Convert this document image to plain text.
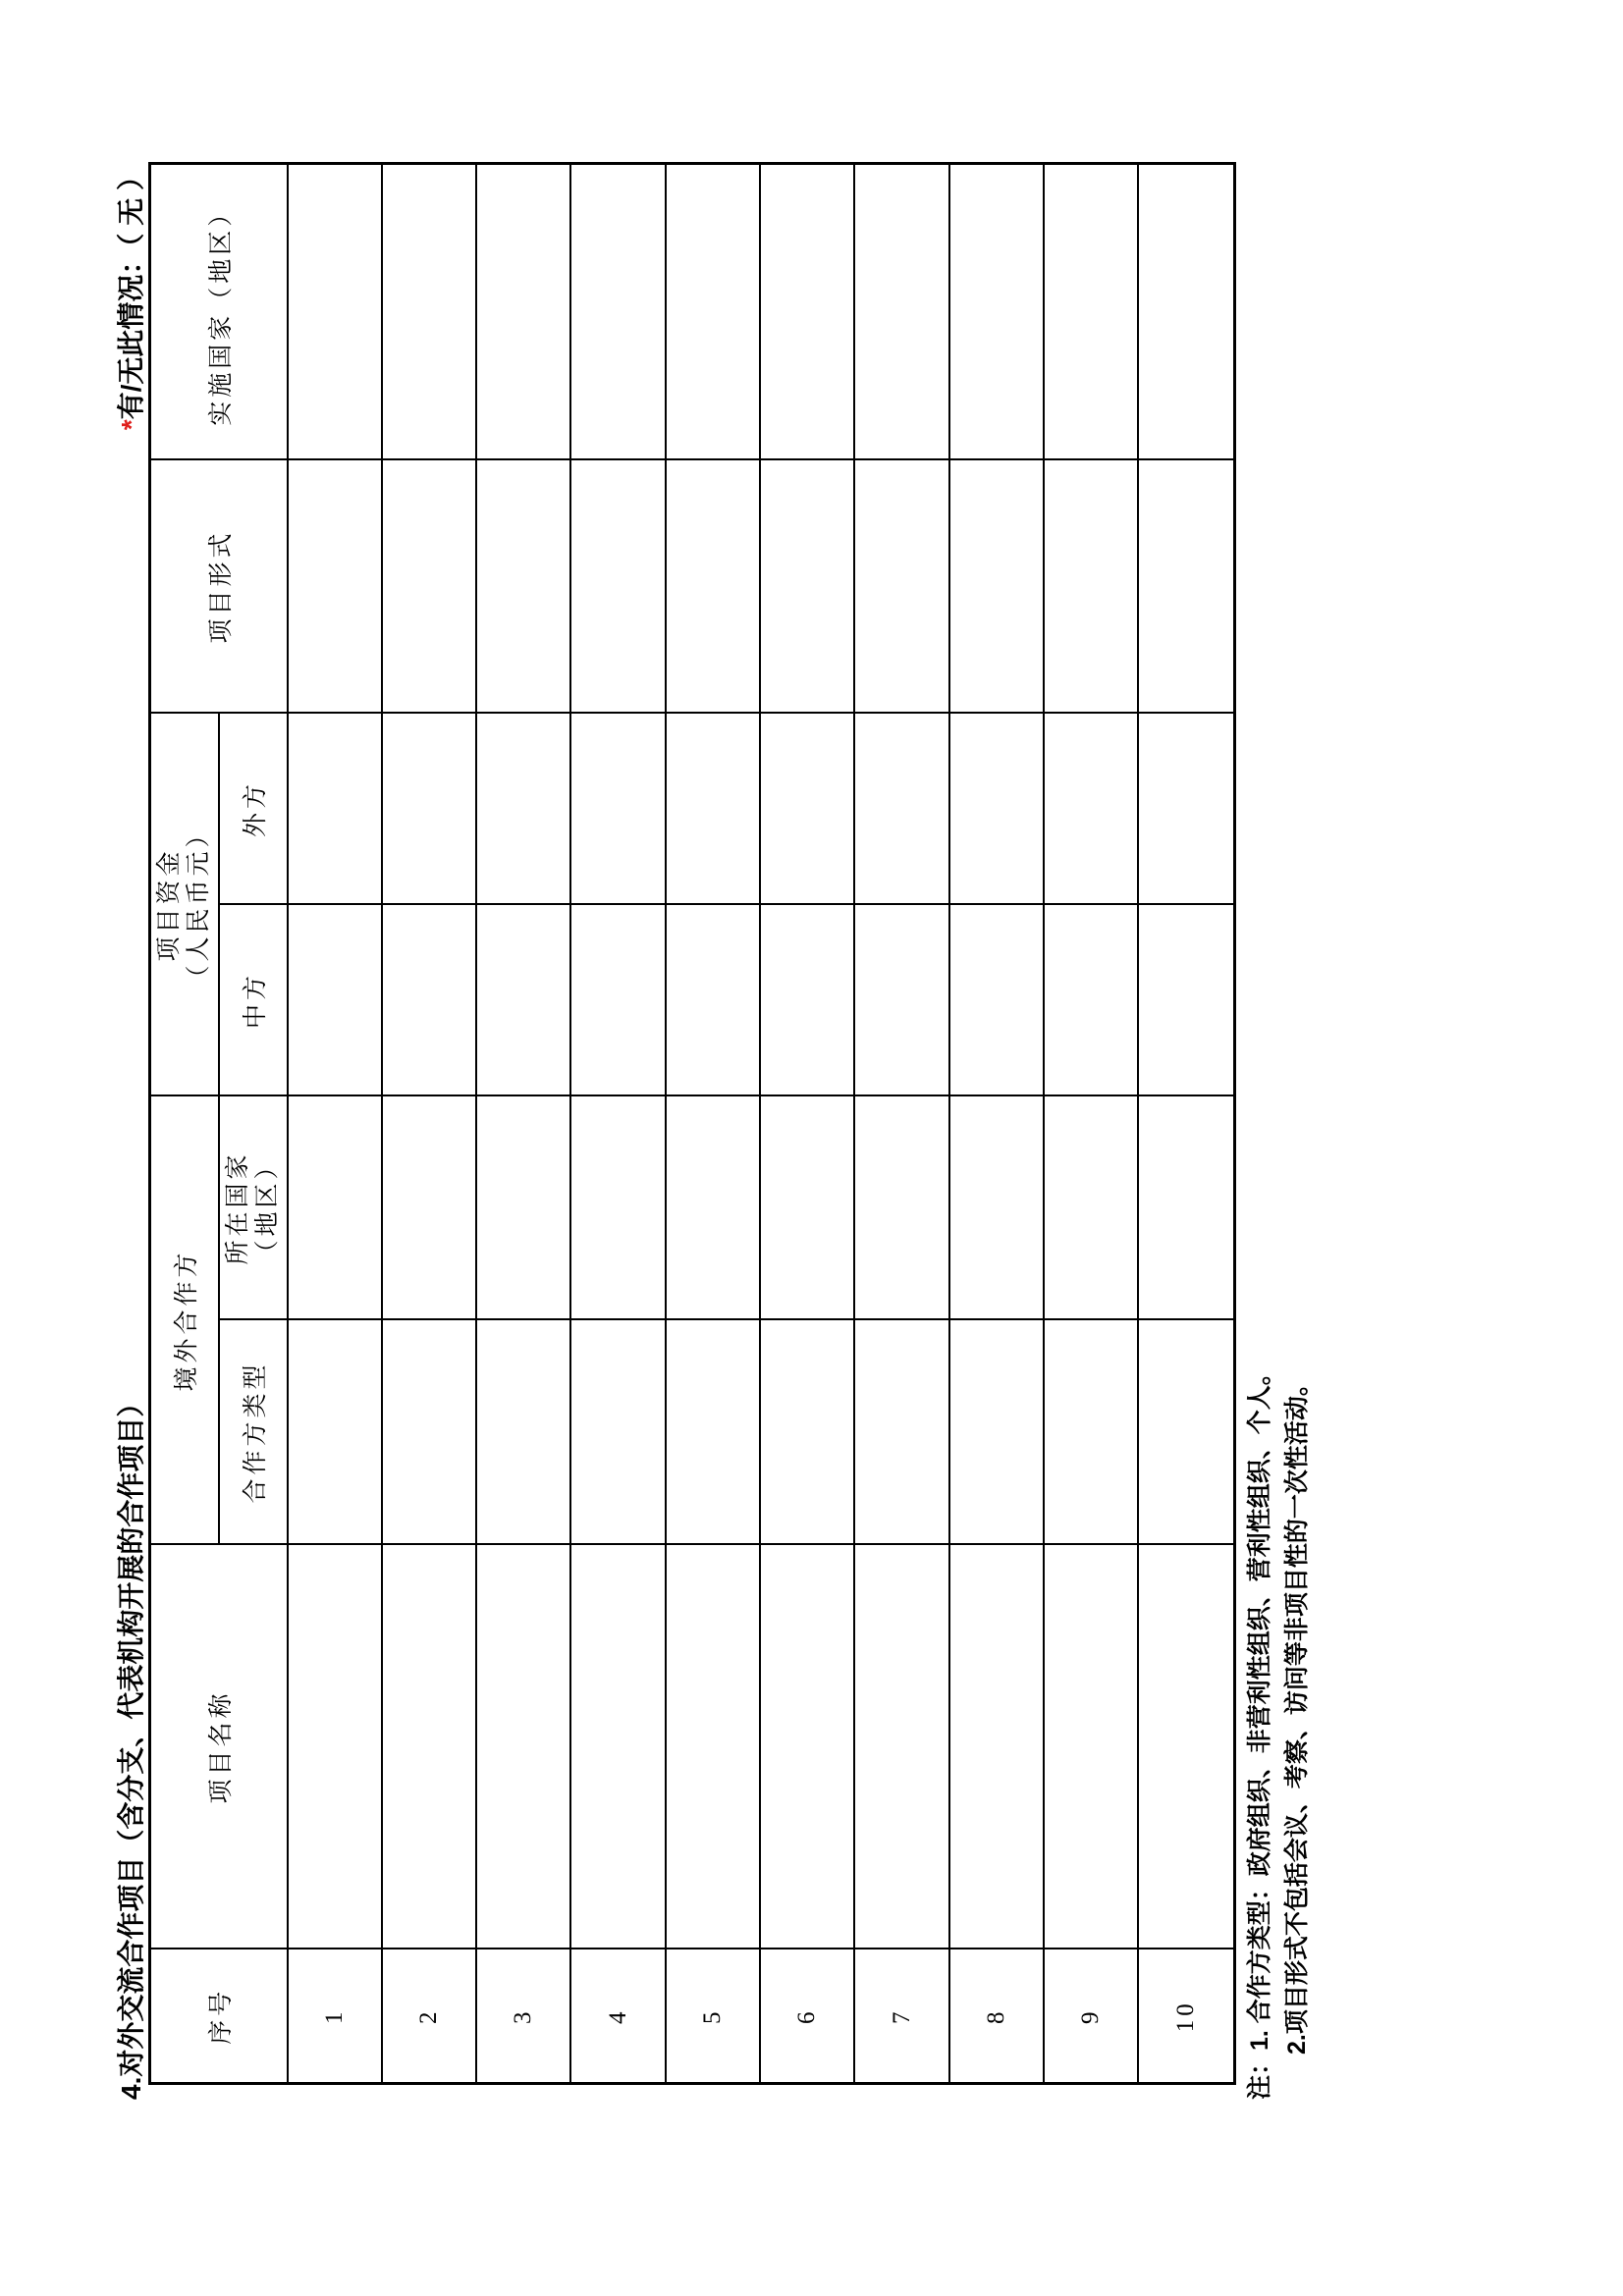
4.对外交流合作项目（含分支、代表机构开展的合作项目）
*有/无此情况：（ 无 ）
序号	项目名称	境外合作方		项目资金 （人民币元）		项目形式	实施国家（地区）
		合作方类型	所在国家 （地区）	中方	外方		
1							
2							
3							
4							
5							
6							
7							
8							
9							
10							注：1. 合作方类型：政府组织、非营利性组织、营利性组织、个人。 2.项目形式不包括会议、考察、访问等非项目性的一次性活动。
